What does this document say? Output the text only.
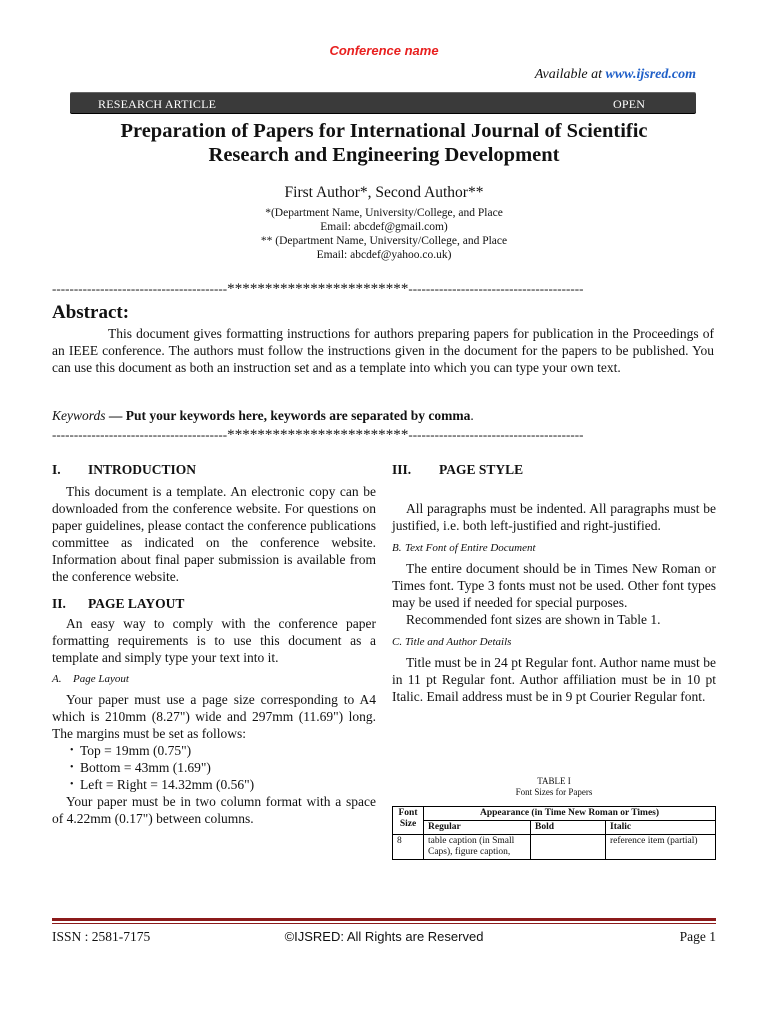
Conference name
Available at www.ijsred.com
RESEARCH ARTICLE	OPEN
Preparation of Papers for International Journal of Scientific
Research and Engineering Development
First Author*, Second Author**
*(Department Name, University/College, and Place
Email: abcdef@gmail.com)
** (Department Name, University/College, and Place
Email: abcdef@yahoo.co.uk)
----------------------------------------************************----------------------------------------
Abstract:
This document gives formatting instructions for authors preparing papers for publication in the Proceedings of an IEEE conference. The authors must follow the instructions given in the document for the papers to be published. You can use this document as both an instruction set and as a template into which you can type your own text.
Keywords — Put your keywords here, keywords are separated by comma.
----------------------------------------************************----------------------------------------
I. INTRODUCTION

This document is a template. An electronic copy can be downloaded from the conference website. For questions on paper guidelines, please contact the conference publications committee as indicated on the conference website. Information about final paper submission is available from the conference website.

II. PAGE LAYOUT

An easy way to comply with the conference paper formatting requirements is to use this document as a template and simply type your text into it.

A. Page Layout

Your paper must use a page size corresponding to A4 which is 210mm (8.27") wide and 297mm (11.69") long. The margins must be set as follows:

• Top = 19mm (0.75")
• Bottom = 43mm (1.69")
• Left = Right = 14.32mm (0.56")

Your paper must be in two column format with a space of 4.22mm (0.17") between columns.

III. PAGE STYLE

All paragraphs must be indented. All paragraphs must be justified, i.e. both left-justified and right-justified.

B. Text Font of Entire Document

The entire document should be in Times New Roman or Times font. Type 3 fonts must not be used. Other font types may be used if needed for special purposes.

Recommended font sizes are shown in Table 1.

C. Title and Author Details

Title must be in 24 pt Regular font. Author name must be in 11 pt Regular font. Author affiliation must be in 10 pt Italic. Email address must be in 9 pt Courier Regular font.

TABLE I
Font Sizes for Papers
Font
Size	Appearance (in Time New Roman or Times)		
	Regular	Bold	Italic
8	table caption (in Small Caps), figure caption,		reference item (partial)
ISSN : 2581-7175	©IJSRED: All Rights are Reserved	Page 1
